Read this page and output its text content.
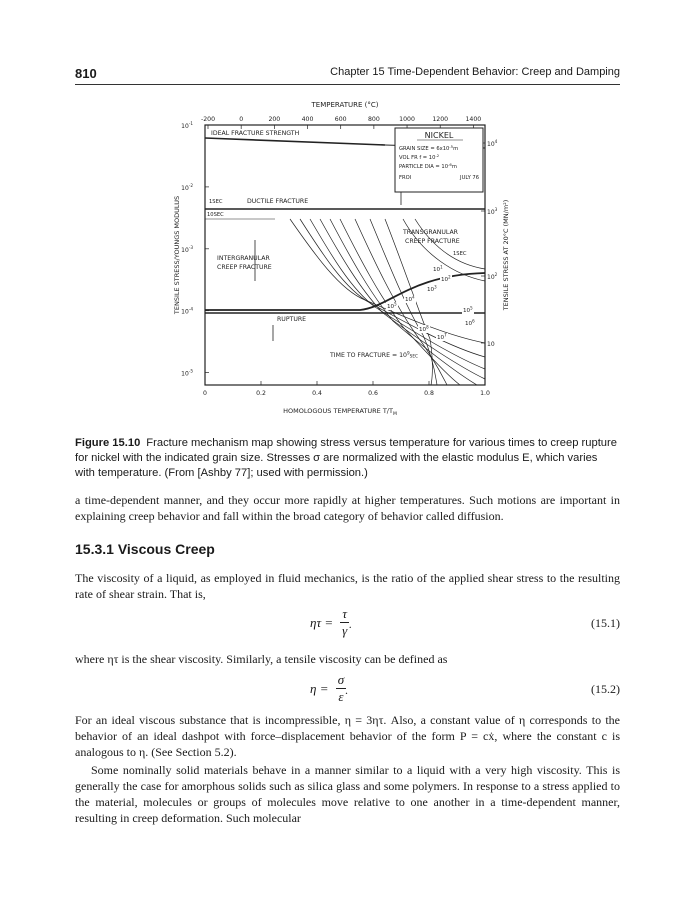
810	Chapter 15 Time-Dependent Behavior: Creep and Damping
TEMPERATURE (°C)
-200	0	200	400	600	800	1000	1200	1400
0	0.2	0.4	0.6	0.8	1.0
HOMOLOGOUS TEMPERATURE $T/T_M$
$10^{-1}$
$10^{-2}$
$10^{-3}$
$10^{-4}$
$10^{-5}$
TENSILE STRESS/YOUNGS MODULUS
$10^4$
$10^3$
$10^2$
10
TENSILE STRESS AT 20°C (MN/m²)
IDEAL FRACTURE STRENGTH	NICKEL
GRAIN SIZE = $6x10^{-5}m$
VOL FR $f = 10^{-2}$
PARTICLE DIA = $10^{-6}m$
FROI	JULY 76
DUCTILE FRACTURE
1SEC
10SEC
INTERGRANULAR
CREEP FRACTURE
TRANSGRANULAR
CREEP FRACTURE
1SEC
RUPTURE
TIME TO FRACTURE = $10^9_{SEC}$
$10^1$
$10^2$
$10^3$
$10^4$
$10^5$
$10^5$
$10^6$
$10^7$
$10^8$
Figure 15.10 Fracture mechanism map showing stress versus temperature for various times to creep rupture for nickel with the indicated grain size. Stresses σ are normalized with the elastic modulus E, which varies with temperature. (From [Ashby 77]; used with permission.)
a time-dependent manner, and they occur more rapidly at higher temperatures. Such motions are important in explaining creep behavior and fall within the broad category of behavior called diffusion.
15.3.1 Viscous Creep
The viscosity of a liquid, as employed in fluid mechanics, is the ratio of the applied shear stress to the resulting rate of shear strain. That is,
$\eta\tau = \frac{\tau}{\gammȧ}$	(15.1)
where ητ is the shear viscosity. Similarly, a tensile viscosity can be defined as
$\eta = \frac{\sigma}{\varepsiloṅ}$	(15.2)
For an ideal viscous substance that is incompressible, η = 3ητ. Also, a constant value of η corresponds to the behavior of an ideal dashpot with force–displacement behavior of the form P = cẋ, where the constant c is analogous to η. (See Section 5.2).
Some nominally solid materials behave in a manner similar to a liquid with a very high viscosity. This is generally the case for amorphous solids such as silica glass and some polymers. In response to a stress applied to the material, molecules or groups of molecules move relative to one another in a time-dependent manner, resulting in creep deformation. Such molecular
